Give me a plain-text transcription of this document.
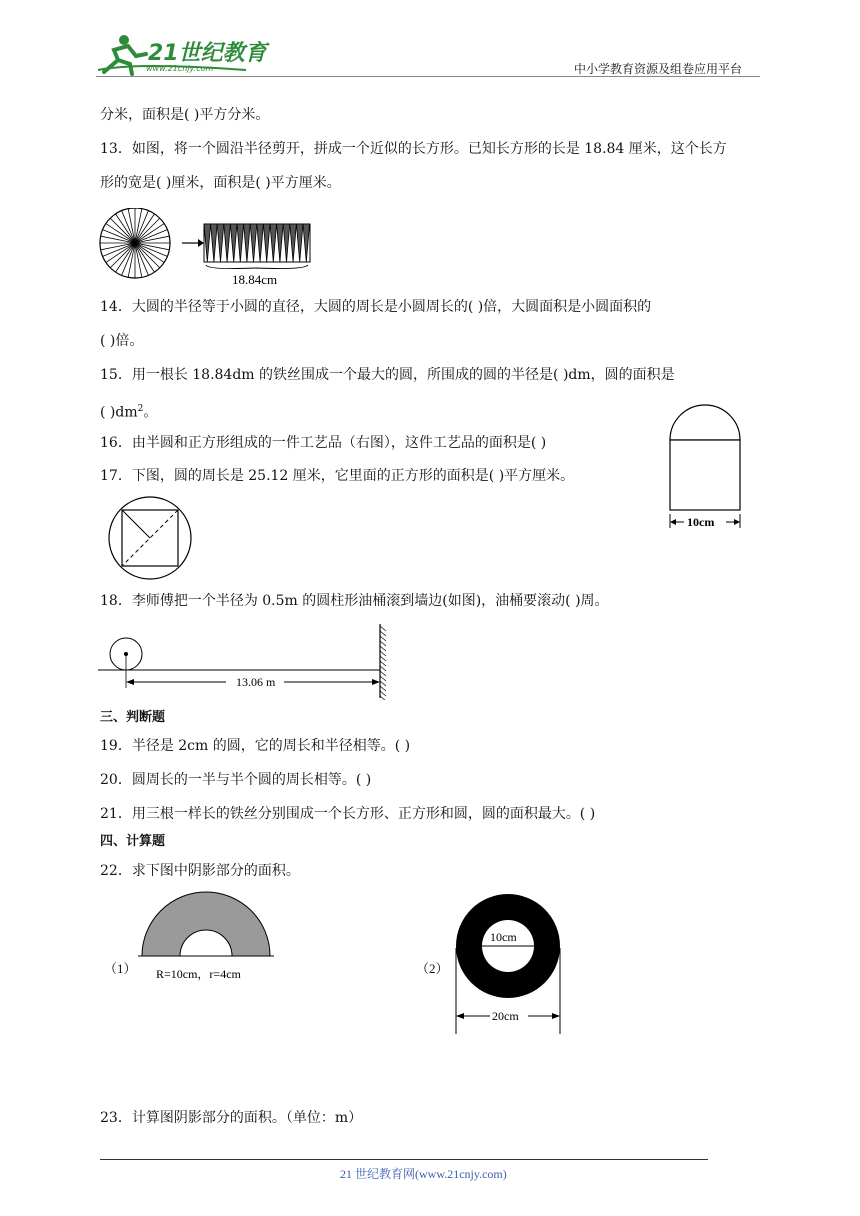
21世纪教育
www.21cnjy.com	中小学教育资源及组卷应用平台
分米，面积是( )平方分米。
13．如图，将一个圆沿半径剪开，拼成一个近似的长方形。已知长方形的长是 18.84 厘米，这个长方
形的宽是( )厘米，面积是( )平方厘米。
18.84cm
14．大圆的半径等于小圆的直径，大圆的周长是小圆周长的( )倍，大圆面积是小圆面积的
( )倍。
15．用一根长 18.84dm 的铁丝围成一个最大的圆，所围成的圆的半径是( )dm，圆的面积是
( )$dm^2$。
16．由半圆和正方形组成的一件工艺品（右图），这件工艺品的面积是( )
17．下图，圆的周长是 25.12 厘米，它里面的正方形的面积是( )平方厘米。
10cm
18．李师傅把一个半径为 0.5m 的圆柱形油桶滚到墙边(如图)，油桶要滚动( )周。
13.06 m
三、判断题
19．半径是 2cm 的圆，它的周长和半径相等。( )
20．圆周长的一半与半个圆的周长相等。( )
21．用三根一样长的铁丝分别围成一个长方形、正方形和圆，圆的面积最大。( )
四、计算题
22．求下图中阴影部分的面积。
（1） R=10cm，r=4cm	（2）
10cm
20cm
23．计算图阴影部分的面积。（单位：m）
21 世纪教育网(www.21cnjy.com)
